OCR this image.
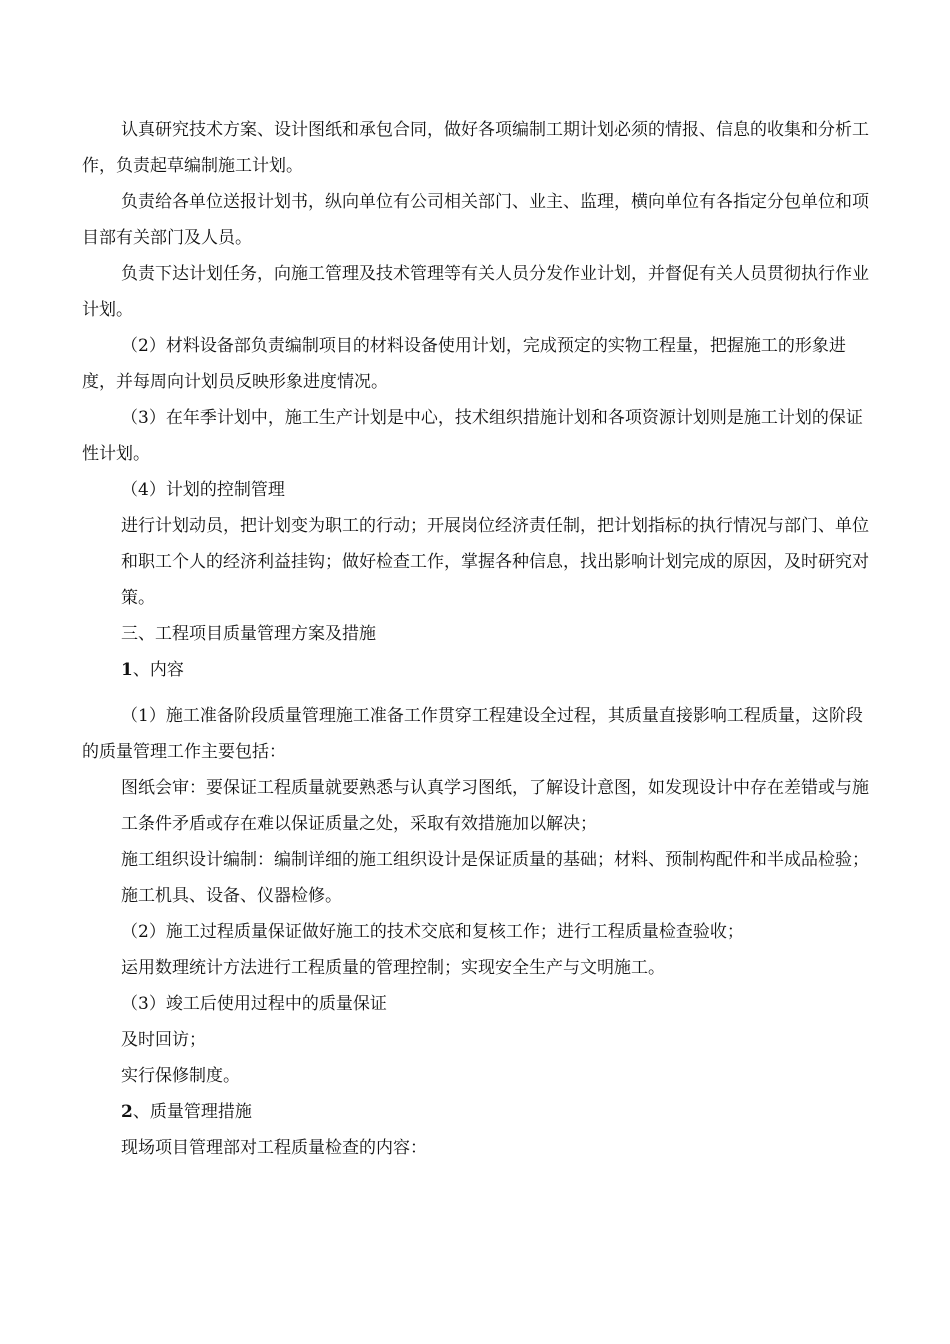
认真研究技术方案、设计图纸和承包合同，做好各项编制工期计划必须的情报、信息的收集和分析工作，负责起草编制施工计划。

负责给各单位送报计划书，纵向单位有公司相关部门、业主、监理，横向单位有各指定分包单位和项目部有关部门及人员。

负责下达计划任务，向施工管理及技术管理等有关人员分发作业计划，并督促有关人员贯彻执行作业计划。

（2）材料设备部负责编制项目的材料设备使用计划，完成预定的实物工程量，把握施工的形象进度，并每周向计划员反映形象进度情况。

（3）在年季计划中，施工生产计划是中心，技术组织措施计划和各项资源计划则是施工计划的保证性计划。

（4）计划的控制管理

进行计划动员，把计划变为职工的行动；开展岗位经济责任制，把计划指标的执行情况与部门、单位和职工个人的经济利益挂钩；做好检查工作，掌握各种信息，找出影响计划完成的原因，及时研究对策。

三、工程项目质量管理方案及措施

1、内容

（1）施工准备阶段质量管理施工准备工作贯穿工程建设全过程，其质量直接影响工程质量，这阶段的质量管理工作主要包括：

图纸会审：要保证工程质量就要熟悉与认真学习图纸，了解设计意图，如发现设计中存在差错或与施工条件矛盾或存在难以保证质量之处，采取有效措施加以解决；

施工组织设计编制：编制详细的施工组织设计是保证质量的基础；材料、预制构配件和半成品检验；

施工机具、设备、仪器检修。

（2）施工过程质量保证做好施工的技术交底和复核工作；进行工程质量检查验收；

运用数理统计方法进行工程质量的管理控制；实现安全生产与文明施工。

（3）竣工后使用过程中的质量保证

及时回访；

实行保修制度。

2、质量管理措施

现场项目管理部对工程质量检查的内容：
